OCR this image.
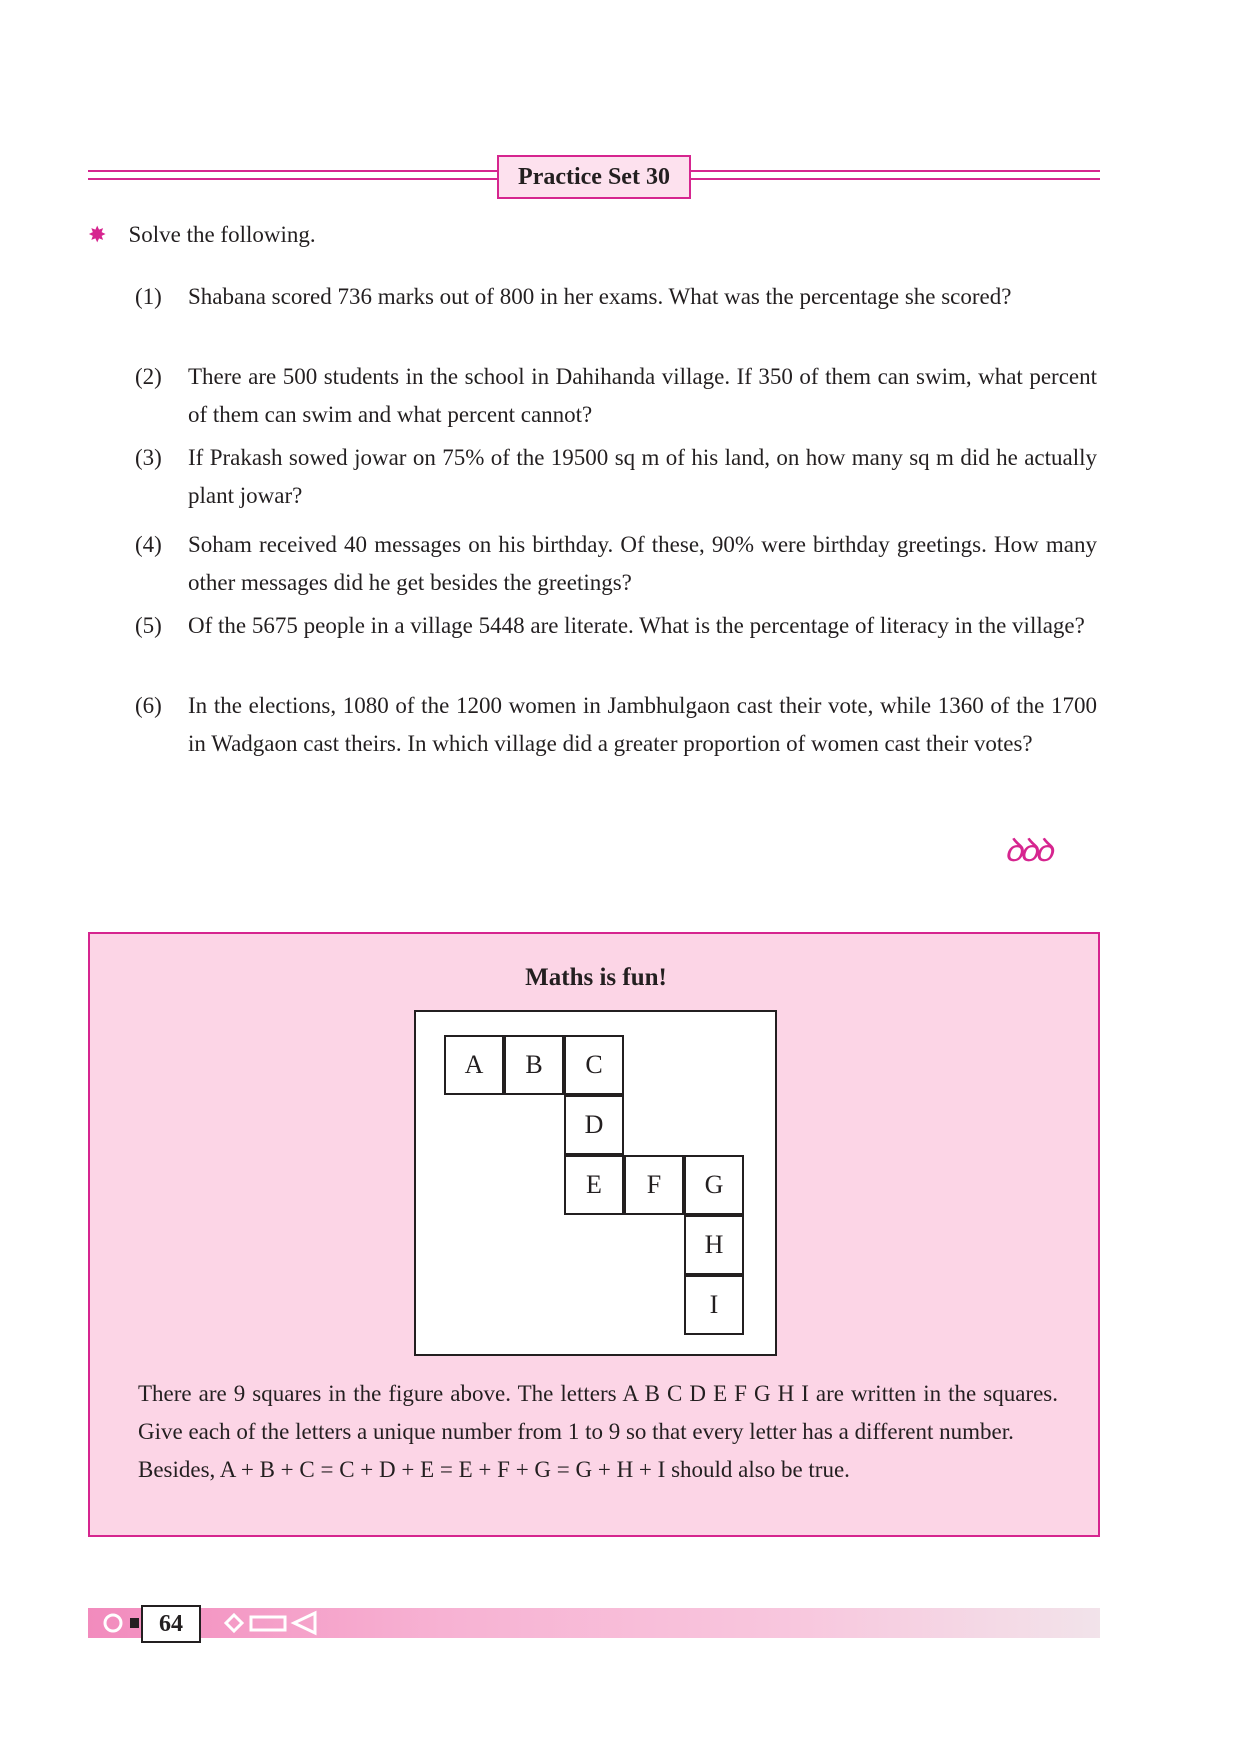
Practice Set 30
✸ Solve the following.
(1) Shabana scored 736 marks out of 800 in her exams. What was the percentage she scored?
(2) There are 500 students in the school in Dahihanda village. If 350 of them can swim, what percent of them can swim and what percent cannot?
(3) If Prakash sowed jowar on 75% of the 19500 sq m of his land, on how many sq m did he actually plant jowar?
(4) Soham received 40 messages on his birthday. Of these, 90% were birthday greetings. How many other messages did he get besides the greetings?
(5) Of the 5675 people in a village 5448 are literate. What is the percentage of literacy in the village?
(6) In the elections, 1080 of the 1200 women in Jambhulgaon cast their vote, while 1360 of the 1700 in Wadgaon cast theirs. In which village did a greater proportion of women cast their votes?
ꝺꝺꝺ
Maths is fun!
A	B	C
D
E	F	G
H
I
There are 9 squares in the figure above. The letters A B C D E F G H I are written in the squares. Give each of the letters a unique number from 1 to 9 so that every letter has a different number.
Besides, A + B + C = C + D + E = E + F + G = G + H + I should also be true.
64
